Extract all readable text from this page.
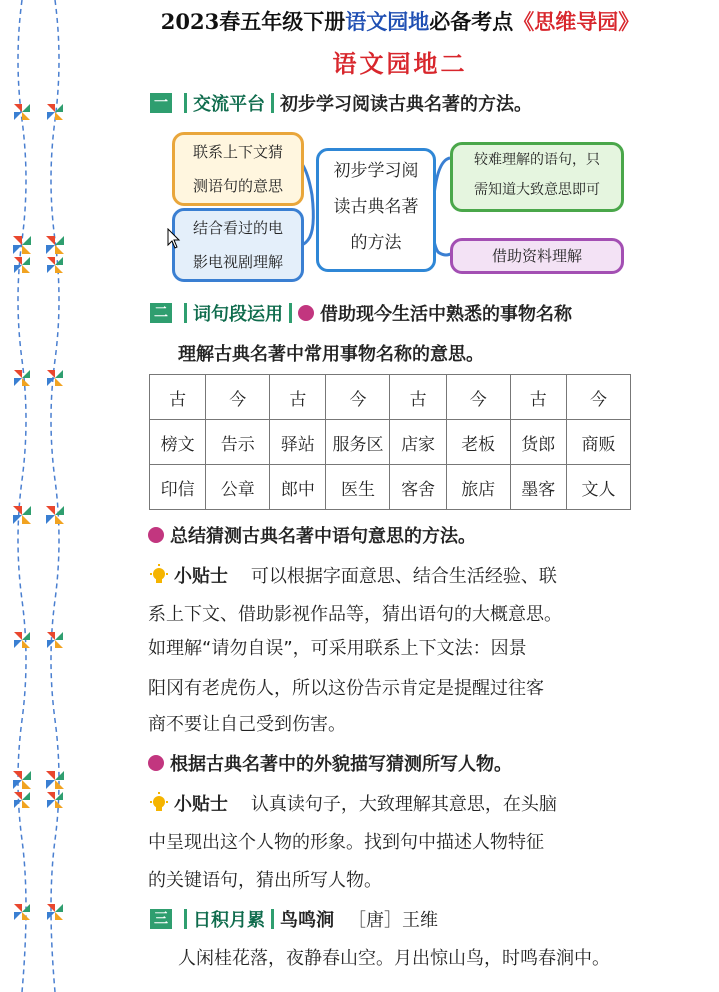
2023春五年级下册语文园地必备考点《思维导园》
语文园地二
一 交流平台 初步学习阅读古典名著的方法。
联系上下文猜
测语句的意思
结合看过的电
影电视剧理解
初步学习阅
读古典名著
的方法
较难理解的语句，只
需知道大致意思即可
借助资料理解
二 词句段运用 借助现今生活中熟悉的事物名称
理解古典名著中常用事物名称的意思。
古	今	古	今	古	今	古	今
榜文	告示	驿站	服务区	店家	老板	货郎	商贩
印信	公章	郎中	医生	客舍	旅店	墨客	文人
总结猜测古典名著中语句意思的方法。
小贴士 可以根据字面意思、结合生活经验、联
系上下文、借助影视作品等，猜出语句的大概意思。
如理解“请勿自误”，可采用联系上下文法：因景
阳冈有老虎伤人，所以这份告示肯定是提醒过往客
商不要让自己受到伤害。
根据古典名著中的外貌描写猜测所写人物。
小贴士 认真读句子，大致理解其意思，在头脑
中呈现出这个人物的形象。找到句中描述人物特征
的关键语句，猜出所写人物。
三 日积月累 鸟鸣涧 ［唐］王维
人闲桂花落，夜静春山空。月出惊山鸟，时鸣春涧中。
